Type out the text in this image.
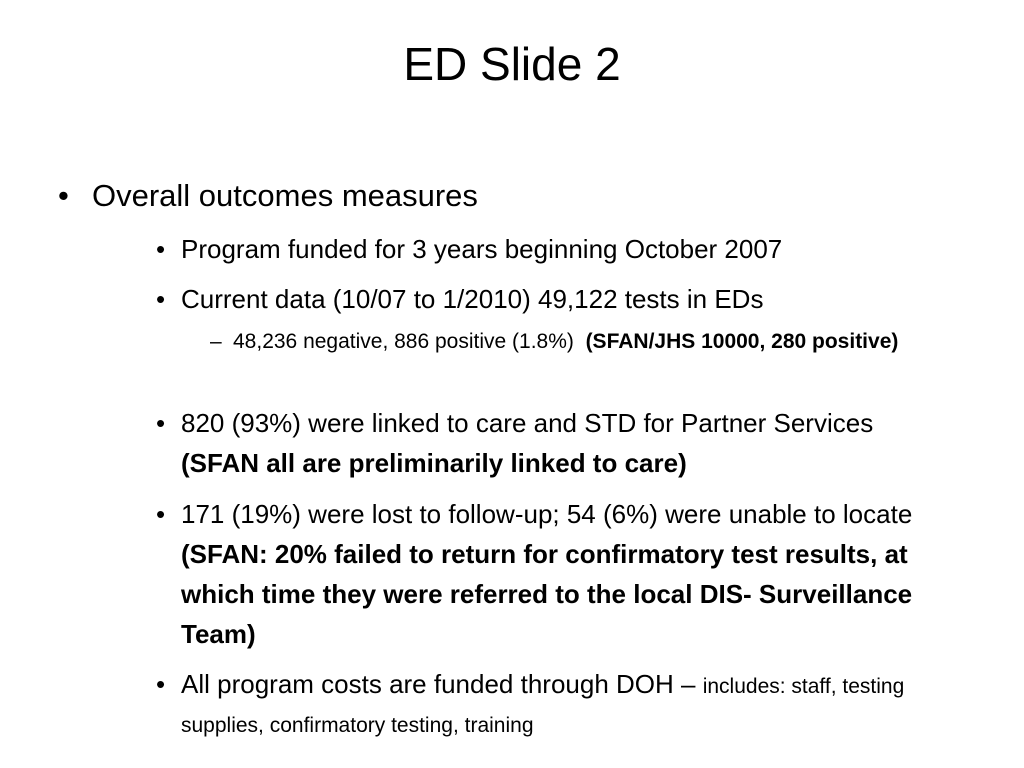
ED Slide 2
• Overall outcomes measures
• Program funded for 3 years beginning October 2007
• Current data (10/07 to 1/2010) 49,122 tests in EDs
– 48,236 negative, 886 positive (1.8%)  (SFAN/JHS 10000, 280 positive)
• 820 (93%) were linked to care and STD for Partner Services (SFAN all are preliminarily linked to care)
• 171 (19%) were lost to follow-up; 54 (6%) were unable to locate (SFAN: 20% failed to return for confirmatory test results, at which time they were referred to the local DIS- Surveillance Team)
• All program costs are funded through DOH – includes: staff, testing supplies, confirmatory testing, training
